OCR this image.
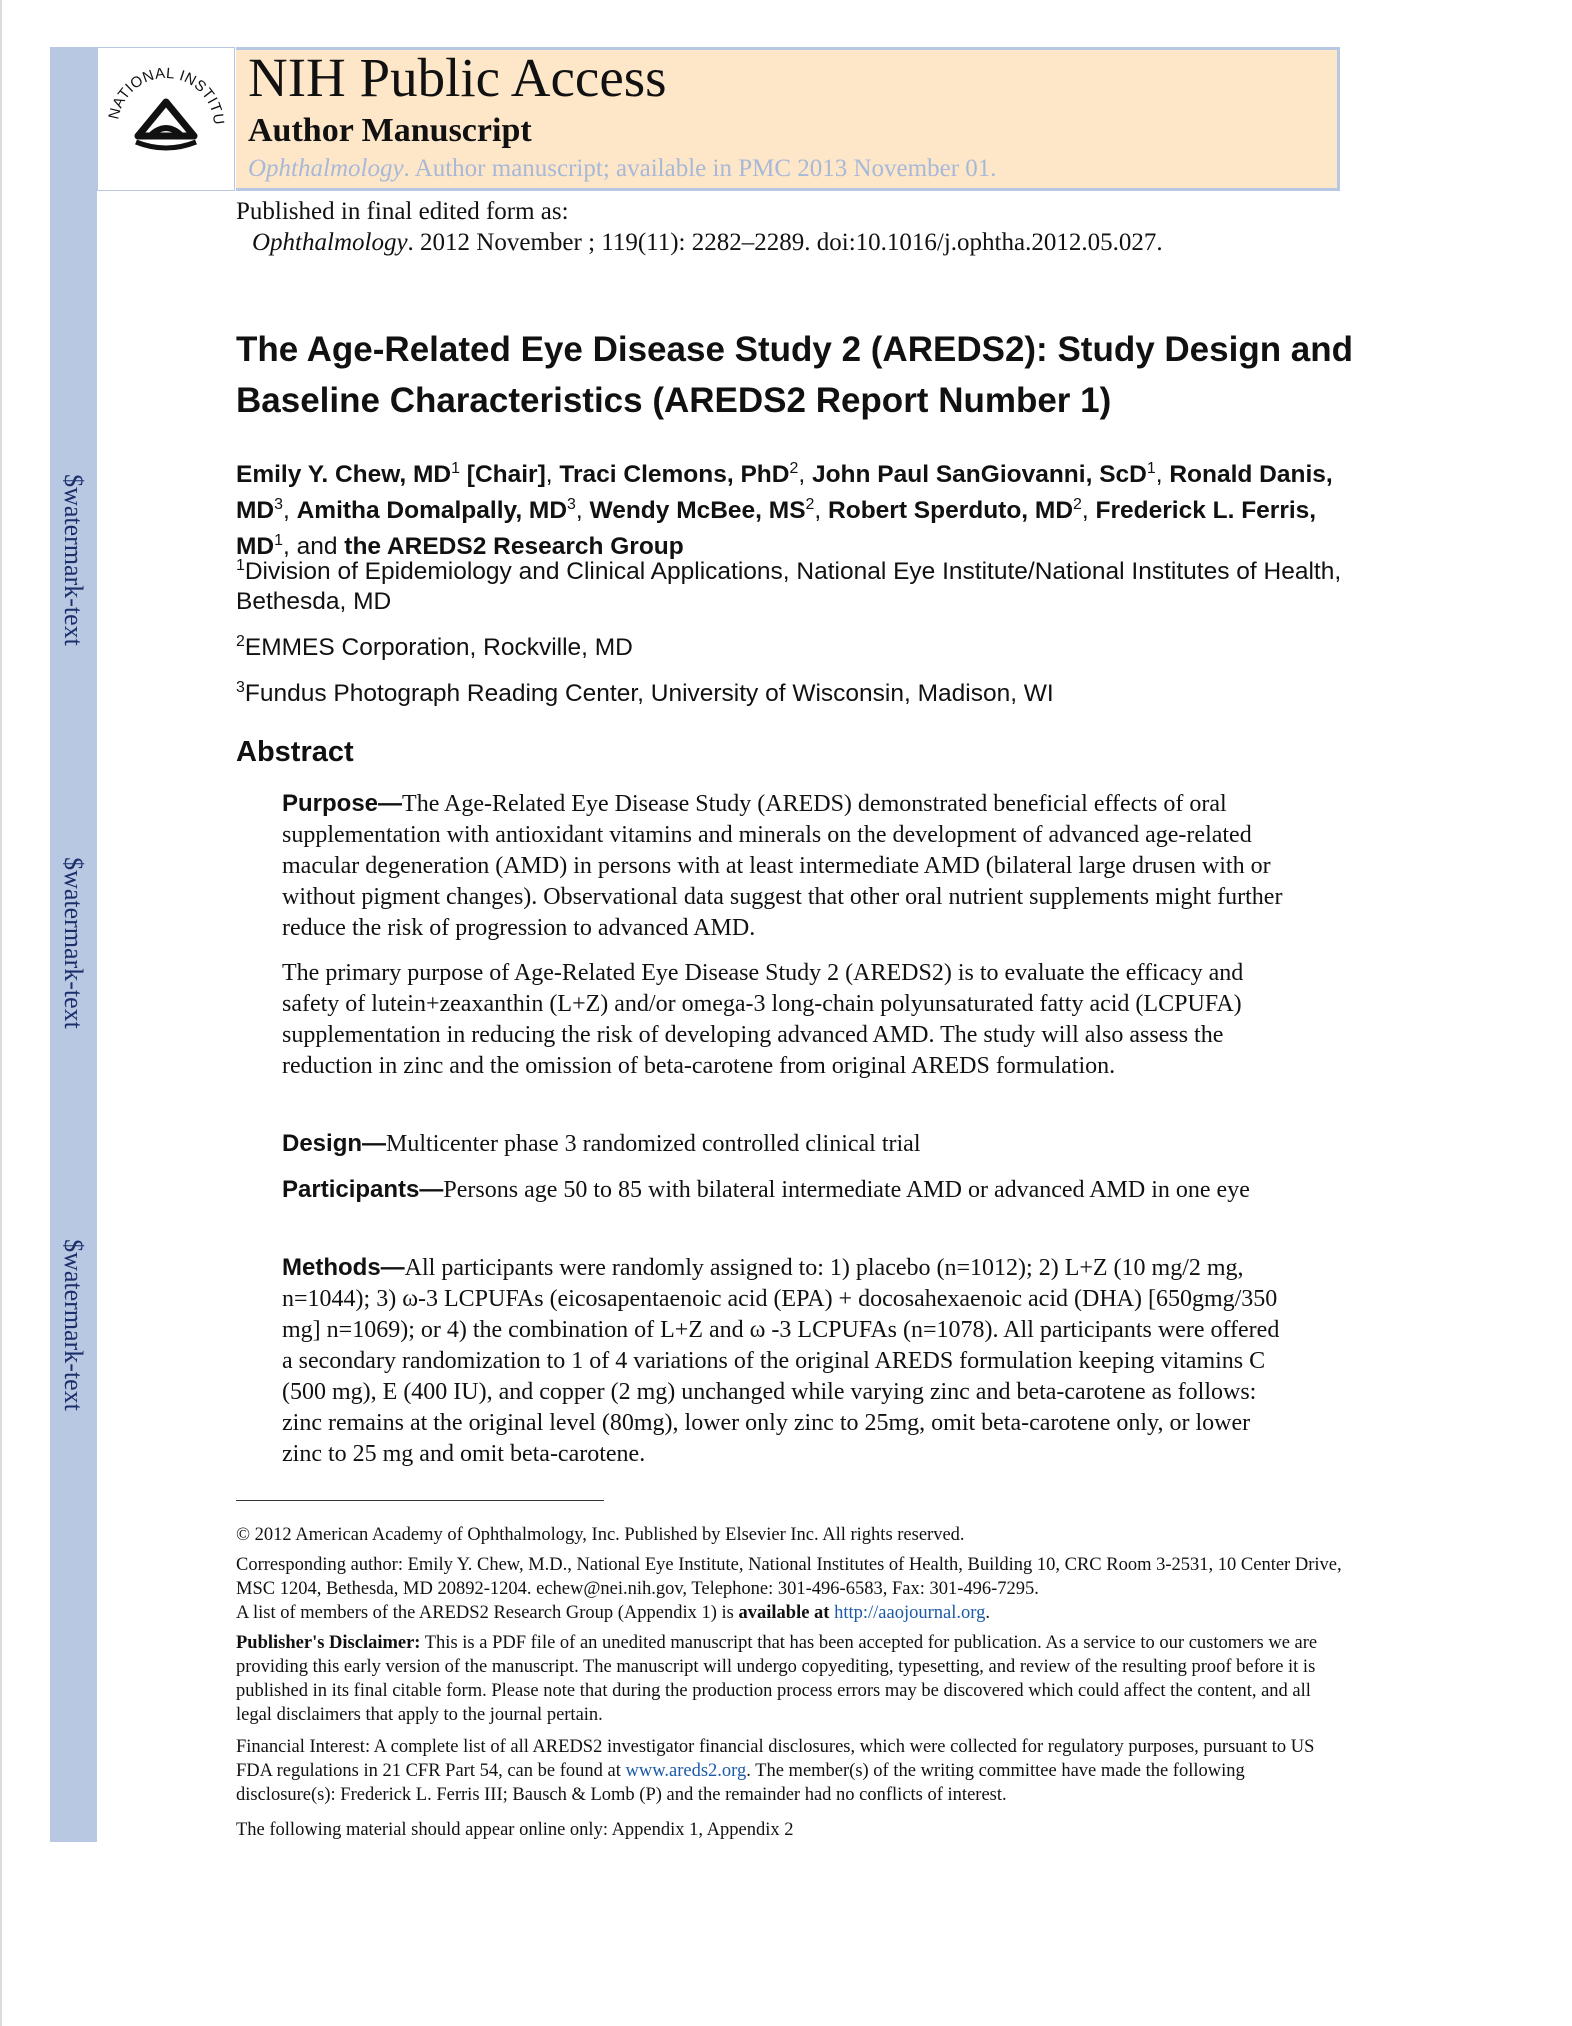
$watermark-text
$watermark-text
$watermark-text
NATIONAL INSTITU
NIH Public Access
Author Manuscript
Ophthalmology. Author manuscript; available in PMC 2013 November 01.
Published in final edited form as:
Ophthalmology. 2012 November ; 119(11): 2282–2289. doi:10.1016/j.ophtha.2012.05.027.
The Age-Related Eye Disease Study 2 (AREDS2): Study Design and Baseline Characteristics (AREDS2 Report Number 1)
Emily Y. Chew, $MD^1$ [Chair], Traci Clemons, PhD$^2$, John Paul SanGiovanni, ScD$^1$, Ronald Danis, $MD^3$, Amitha Domalpally, $MD^3$, Wendy McBee, $MS^2$, Robert Sperduto, $MD^2$, Frederick L. Ferris, $MD^1$, and the AREDS2 Research Group
$^1$Division of Epidemiology and Clinical Applications, National Eye Institute/National Institutes of Health, Bethesda, MD
$^2$EMMES Corporation, Rockville, MD
$^3$Fundus Photograph Reading Center, University of Wisconsin, Madison, WI
Abstract
Purpose—The Age-Related Eye Disease Study (AREDS) demonstrated beneficial effects of oral supplementation with antioxidant vitamins and minerals on the development of advanced age-related macular degeneration (AMD) in persons with at least intermediate AMD (bilateral large drusen with or without pigment changes). Observational data suggest that other oral nutrient supplements might further reduce the risk of progression to advanced AMD.
The primary purpose of Age-Related Eye Disease Study 2 (AREDS2) is to evaluate the efficacy and safety of lutein+zeaxanthin (L+Z) and/or omega-3 long-chain polyunsaturated fatty acid (LCPUFA) supplementation in reducing the risk of developing advanced AMD. The study will also assess the reduction in zinc and the omission of beta-carotene from original AREDS formulation.
Design—Multicenter phase 3 randomized controlled clinical trial
Participants—Persons age 50 to 85 with bilateral intermediate AMD or advanced AMD in one eye
Methods—All participants were randomly assigned to: 1) placebo (n=1012); 2) L+Z (10 mg/2 mg, n=1044); 3) ω-3 LCPUFAs (eicosapentaenoic acid (EPA) + docosahexaenoic acid (DHA) [650gmg/350 mg] n=1069); or 4) the combination of L+Z and ω -3 LCPUFAs (n=1078). All participants were offered a secondary randomization to 1 of 4 variations of the original AREDS formulation keeping vitamins C (500 mg), E (400 IU), and copper (2 mg) unchanged while varying zinc and beta-carotene as follows: zinc remains at the original level (80mg), lower only zinc to 25mg, omit beta-carotene only, or lower zinc to 25 mg and omit beta-carotene.
© 2012 American Academy of Ophthalmology, Inc. Published by Elsevier Inc. All rights reserved.
Corresponding author: Emily Y. Chew, M.D., National Eye Institute, National Institutes of Health, Building 10, CRC Room 3-2531, 10 Center Drive, MSC 1204, Bethesda, MD 20892-1204. echew@nei.nih.gov, Telephone: 301-496-6583, Fax: 301-496-7295.
A list of members of the AREDS2 Research Group (Appendix 1) is available at http://aaojournal.org.
Publisher's Disclaimer: This is a PDF file of an unedited manuscript that has been accepted for publication. As a service to our customers we are providing this early version of the manuscript. The manuscript will undergo copyediting, typesetting, and review of the resulting proof before it is published in its final citable form. Please note that during the production process errors may be discovered which could affect the content, and all legal disclaimers that apply to the journal pertain.
Financial Interest: A complete list of all AREDS2 investigator financial disclosures, which were collected for regulatory purposes, pursuant to US FDA regulations in 21 CFR Part 54, can be found at www.areds2.org. The member(s) of the writing committee have made the following disclosure(s): Frederick L. Ferris III; Bausch & Lomb (P) and the remainder had no conflicts of interest.
The following material should appear online only: Appendix 1, Appendix 2
